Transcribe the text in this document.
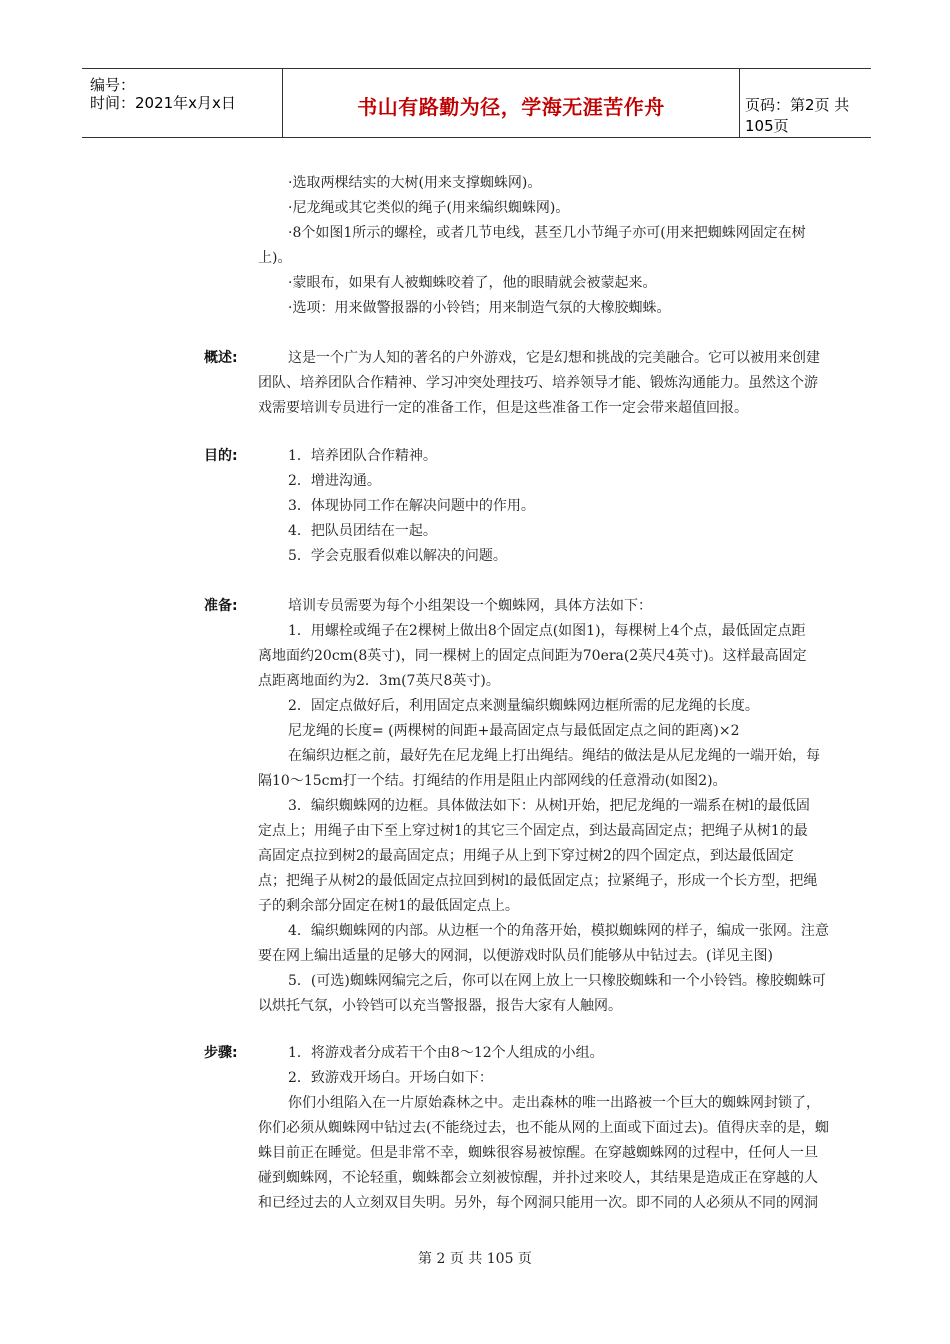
编号：
时间：2021年x月x日	书山有路勤为径，学海无涯苦作舟	页码：第2页 共105页
·选取两棵结实的大树(用来支撑蜘蛛网)。
·尼龙绳或其它类似的绳子(用来编织蜘蛛网)。
·8个如图1所示的螺栓，或者几节电线，甚至几小节绳子亦可(用来把蜘蛛网固定在树
上)。
·蒙眼布，如果有人被蜘蛛咬着了，他的眼睛就会被蒙起来。
·选项：用来做警报器的小铃铛；用来制造气氛的大橡胶蜘蛛。
概述:	这是一个广为人知的著名的户外游戏，它是幻想和挑战的完美融合。它可以被用来创建
团队、培养团队合作精神、学习冲突处理技巧、培养领导才能、锻炼沟通能力。虽然这个游
戏需要培训专员进行一定的准备工作，但是这些准备工作一定会带来超值回报。
目的:	1．培养团队合作精神。
2．增进沟通。
3．体现协同工作在解决问题中的作用。
4．把队员团结在一起。
5．学会克服看似难以解决的问题。
准备:	培训专员需要为每个小组架设一个蜘蛛网，具体方法如下：
1．用螺栓或绳子在2棵树上做出8个固定点(如图1)，每棵树上4个点，最低固定点距
离地面约20cm(8英寸)，同一棵树上的固定点间距为70era(2英尺4英寸)。这样最高固定
点距离地面约为2．3m(7英尺8英寸)。
2．固定点做好后，利用固定点来测量编织蜘蛛网边框所需的尼龙绳的长度。
尼龙绳的长度= (两棵树的间距+最高固定点与最低固定点之间的距离)×2
在编织边框之前，最好先在尼龙绳上打出绳结。绳结的做法是从尼龙绳的一端开始，每
隔10～15cm打一个结。打绳结的作用是阻止内部网线的任意滑动(如图2)。
3．编织蜘蛛网的边框。具体做法如下：从树l开始，把尼龙绳的一端系在树l的最低固
定点上；用绳子由下至上穿过树1的其它三个固定点，到达最高固定点；把绳子从树1的最
高固定点拉到树2的最高固定点；用绳子从上到下穿过树2的四个固定点，到达最低固定
点；把绳子从树2的最低固定点拉回到树l的最低固定点；拉紧绳子，形成一个长方型，把绳
子的剩余部分固定在树1的最低固定点上。
4．编织蜘蛛网的内部。从边框一个的角落开始，模拟蜘蛛网的样子，编成一张网。注意
要在网上编出适量的足够大的网洞，以便游戏时队员们能够从中钻过去。(详见主图)
5．(可选)蜘蛛网编完之后，你可以在网上放上一只橡胶蜘蛛和一个小铃铛。橡胶蜘蛛可
以烘托气氛，小铃铛可以充当警报器，报告大家有人触网。
步骤:	1．将游戏者分成若干个由8～12个人组成的小组。
2．致游戏开场白。开场白如下：
你们小组陷入在一片原始森林之中。走出森林的唯一出路被一个巨大的蜘蛛网封锁了，
你们必须从蜘蛛网中钻过去(不能绕过去，也不能从网的上面或下面过去)。值得庆幸的是，蜘
蛛目前正在睡觉。但是非常不幸，蜘蛛很容易被惊醒。在穿越蜘蛛网的过程中，任何人一旦
碰到蜘蛛网，不论轻重，蜘蛛都会立刻被惊醒，并扑过来咬人，其结果是造成正在穿越的人
和已经过去的人立刻双目失明。另外，每个网洞只能用一次。即不同的人必须从不同的网洞
第 2 页 共 105 页
